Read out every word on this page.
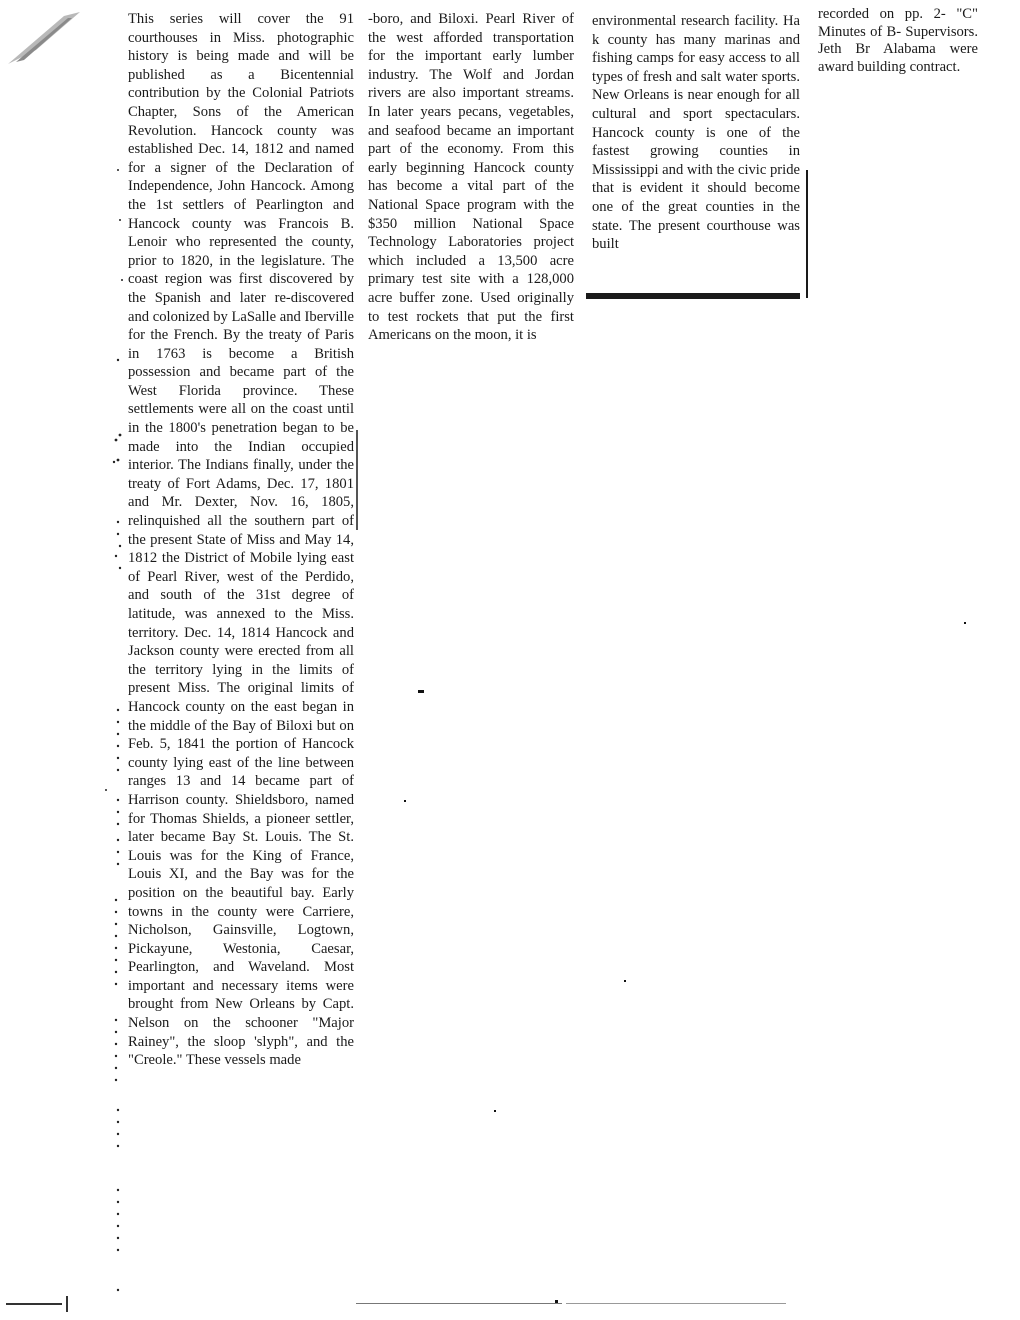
This series will cover the 91 courthouses in Miss. photographic history is being made and will be published as a Bicentennial contribution by the Colonial Patriots Chapter, Sons of the American Revolution. Hancock county was established Dec. 14, 1812 and named for a signer of the Declaration of Independence, John Hancock. Among the 1st settlers of Pearlington and Hancock county was Francois B. Lenoir who represented the county, prior to 1820, in the legislature. The coast region was first discovered by the Spanish and later re-discovered and colonized by LaSalle and Iberville for the French. By the treaty of Paris in 1763 is become a British possession and became part of the West Florida province. These settlements were all on the coast until in the 1800's penetration began to be made into the Indian occupied interior. The Indians finally, under the treaty of Fort Adams, Dec. 17, 1801 and Mr. Dexter, Nov. 16, 1805, relinquished all the southern part of the present State of Miss and May 14, 1812 the District of Mobile lying east of Pearl River, west of the Perdido, and south of the 31st degree of latitude, was annexed to the Miss. territory. Dec. 14, 1814 Hancock and Jackson county were erected from all the territory lying in the limits of present Miss. The original limits of Hancock county on the east began in the middle of the Bay of Biloxi but on Feb. 5, 1841 the portion of Hancock county lying east of the line between ranges 13 and 14 became part of Harrison county. Shieldsboro, named for Thomas Shields, a pioneer settler, later became Bay St. Louis. The St. Louis was for the King of France, Louis XI, and the Bay was for the position on the beautiful bay. Early towns in the county were Carriere, Nicholson, Gainsville, Logtown, Pickayune, Westonia, Caesar, Pearlington, and Waveland. Most important and necessary items were brought from New Orleans by Capt. Nelson on the schooner "Major Rainey", the sloop 'slyph", and the "Creole." These vessels made

-boro, and Biloxi. Pearl River of the west afforded transportation for the important early lumber industry. The Wolf and Jordan rivers are also important streams. In later years pecans, vegetables, and seafood became an important part of the economy. From this early beginning Hancock county has become a vital part of the National Space program with the $350 million National Space Technology Laboratories project which included a 13,500 acre primary test site with a 128,000 acre buffer zone. Used originally to test rockets that put the first Americans on the moon, it is

environmental research facility. Ha k county has many marinas and fishing camps for easy access to all types of fresh and salt water sports. New Orleans is near enough for all cultural and sport spectaculars. Hancock county is one of the fastest growing counties in Mississippi and with the civic pride that is evident it should become one of the great counties in the state. The present courthouse was built

recorded on pp. 2- "C" Minutes of B- Supervisors. Jeth Br Alabama were award building contract.
